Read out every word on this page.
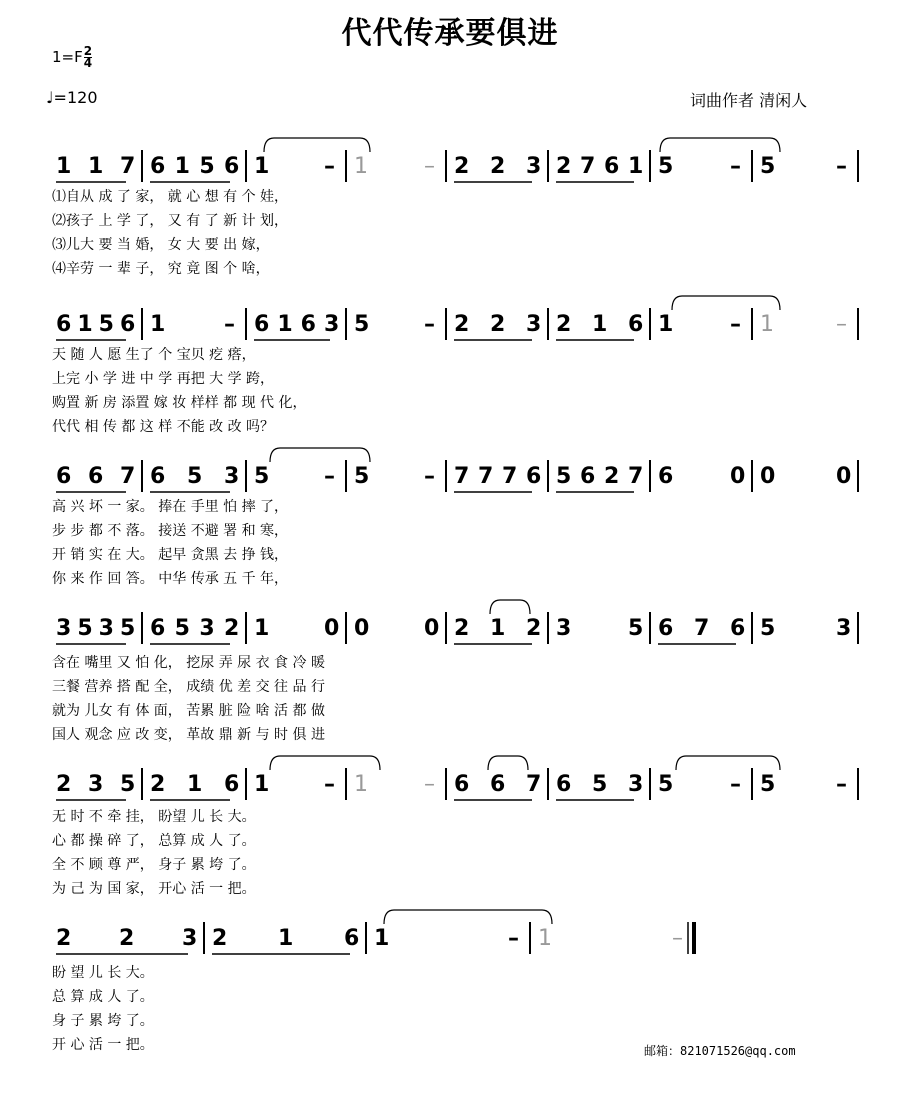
代代传承要俱进
$1=F \frac{2}{4}$
♩=120	词曲作者 清闲人
邮箱：821071526@qq.com
1 1 7 6 1 5 6 1 – 1	– 2 2 3 2 7 6 1 5	– 5	–
⑴自从 成 了 家， 就 心 想 有 个 娃，
⑵孩子 上 学 了， 又 有 了 新 计 划，
⑶儿大 要 当 婚， 女 大 要 出 嫁，
⑷辛劳 一 辈 子， 究 竟 图 个 啥，
6 1 5 6 1	– 6 1 6 3 5 – 2 2 3 2 1 6 1	– 1	–
天 随 人 愿 生了 个 宝贝 疙 瘩，
上完 小 学 进 中 学 再把 大 学 跨，
购置 新 房 添置 嫁 妆 样样 都 现 代 化，
代代 相 传 都 这 样 不能 改 改 吗？
6 6 7 6 5 3 5 – 5 – 7 7 7 6 5 6 2 7 6	0 0	0
高 兴 坏 一 家。 捧在 手里 怕 摔 了，
步 步 都 不 落。 接送 不避 署 和 寒，
开 销 实 在 大。 起早 贪黑 去 挣 钱，
你 来 作 回 答。 中华 传承 五 千 年，
3 5 3 5 6 5 3 2 1 0 0 0 2 1 2 3	5 6 7 6 5	3
含在 嘴里 又 怕 化， 挖尿 弄 尿 衣 食 冷 暖
三餐 营养 搭 配 全， 成绩 优 差 交 往 品 行
就为 儿女 有 体 面， 苦累 脏 险 啥 活 都 做
国人 观念 应 改 变， 革故 鼎 新 与 时 俱 进
2 3 5 2 1 6 1 – 1	– 6 6 7 6 5 3 5	– 5	–
无 时 不 牵 挂， 盼望 儿 长 大。
心 都 操 碎 了， 总算 成 人 了。
全 不 顾 尊 严， 身子 累 垮 了。
为 己 为 国 家， 开心 活 一 把。
2 2 3 2 1 6 1	– 1	–
盼 望 儿 长 大。
总 算 成 人 了。
身 子 累 垮 了。
开 心 活 一 把。
